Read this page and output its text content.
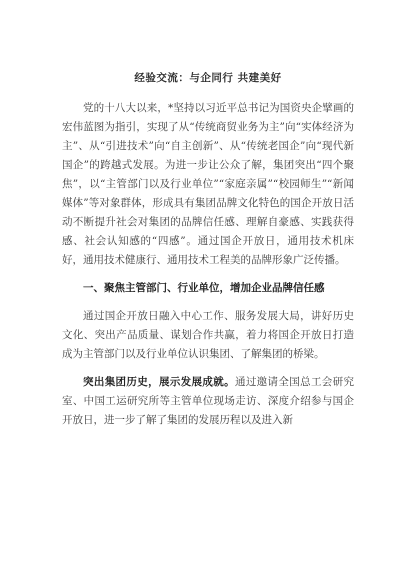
经验交流：与企同行 共建美好

党的十八大以来，*坚持以习近平总书记为国资央企擘画的宏伟蓝图为指引，实现了从“传统商贸业务为主”向“实体经济为主”、从“引进技术”向“自主创新”、从“传统老国企”向“现代新国企”的跨越式发展。为进一步让公众了解，集团突出“四个聚焦”，以“主管部门以及行业单位”“家庭亲属”“校园师生”“新闻媒体”等对象群体，形成具有集团品牌文化特色的国企开放日活动不断提升社会对集团的品牌信任感、理解自豪感、实践获得感、社会认知感的“四感”。通过国企开放日，通用技术机床好，通用技术健康行、通用技术工程美的品牌形象广泛传播。

一、聚焦主管部门、行业单位，增加企业品牌信任感

通过国企开放日融入中心工作、服务发展大局，讲好历史文化、突出产品质量、谋划合作共赢，着力将国企开放日打造成为主管部门以及行业单位认识集团、了解集团的桥梁。

突出集团历史，展示发展成就。通过邀请全国总工会研究室、中国工运研究所等主管单位现场走访、深度介绍参与国企开放日，进一步了解了集团的发展历程以及进入新
